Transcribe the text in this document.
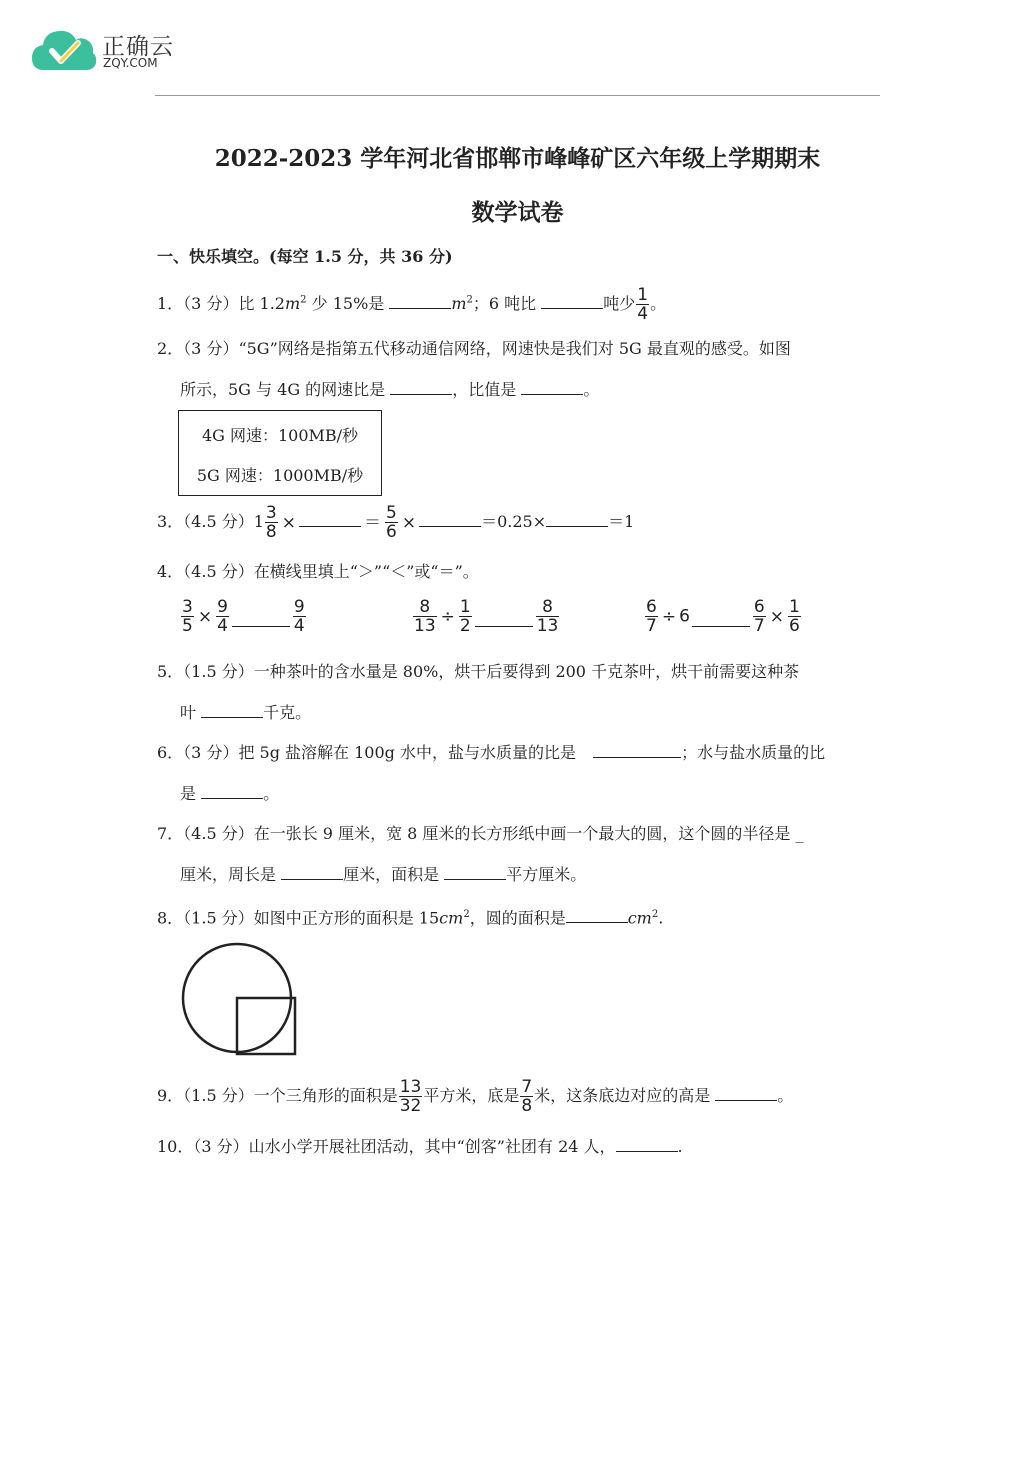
正确云
ZQY.COM
2022-2023 学年河北省邯郸市峰峰矿区六年级上学期期末
数学试卷
一、快乐填空。(每空 1.5 分，共 36 分)
1．（3 分）比 $1.2m^2$ 少 15%是	$m^2$；6 吨比	吨少 $\frac{1}{4}$ 。
2．（3 分）“5G”网络是指第五代移动通信网络，网速快是我们对 5G 最直观的感受。如图
所示，5G 与 4G 的网速比是	，比值是	。
4G 网速：100MB/秒
5G 网速：1000MB/秒
3．（4.5 分）$1 \frac{3}{8}$ ×	＝ $\frac{5}{6}$ ×	＝0.25×	＝1
4．（4.5 分）在横线里填上“＞”“＜”或“＝”。
$\frac{3}{5} \times \frac{9}{4}$	$\frac{9}{4}$	$\frac{8}{13} \div \frac{1}{2}$	$\frac{8}{13}$	$\frac{6}{7} \div 6$	$\frac{6}{7} \times \frac{1}{6}$
5．（1.5 分）一种茶叶的含水量是 80%，烘干后要得到 200 千克茶叶，烘干前需要这种茶
叶	千克。
6．（3 分）把 5g 盐溶解在 100g 水中，盐与水质量的比是	；水与盐水质量的比
是	。
7．（4.5 分）在一张长 9 厘米，宽 8 厘米的长方形纸中画一个最大的圆，这个圆的半径是 _
厘米，周长是	厘米，面积是	平方厘米。
8．（1.5 分）如图中正方形的面积是 $15cm^2$，圆的面积是	$cm^2$.
9．（1.5 分）一个三角形的面积是 $\frac{13}{32}$ 平方米，底是 $\frac{7}{8}$ 米，这条底边对应的高是	。
10．（3 分）山水小学开展社团活动，其中“创客”社团有 24 人，	.
